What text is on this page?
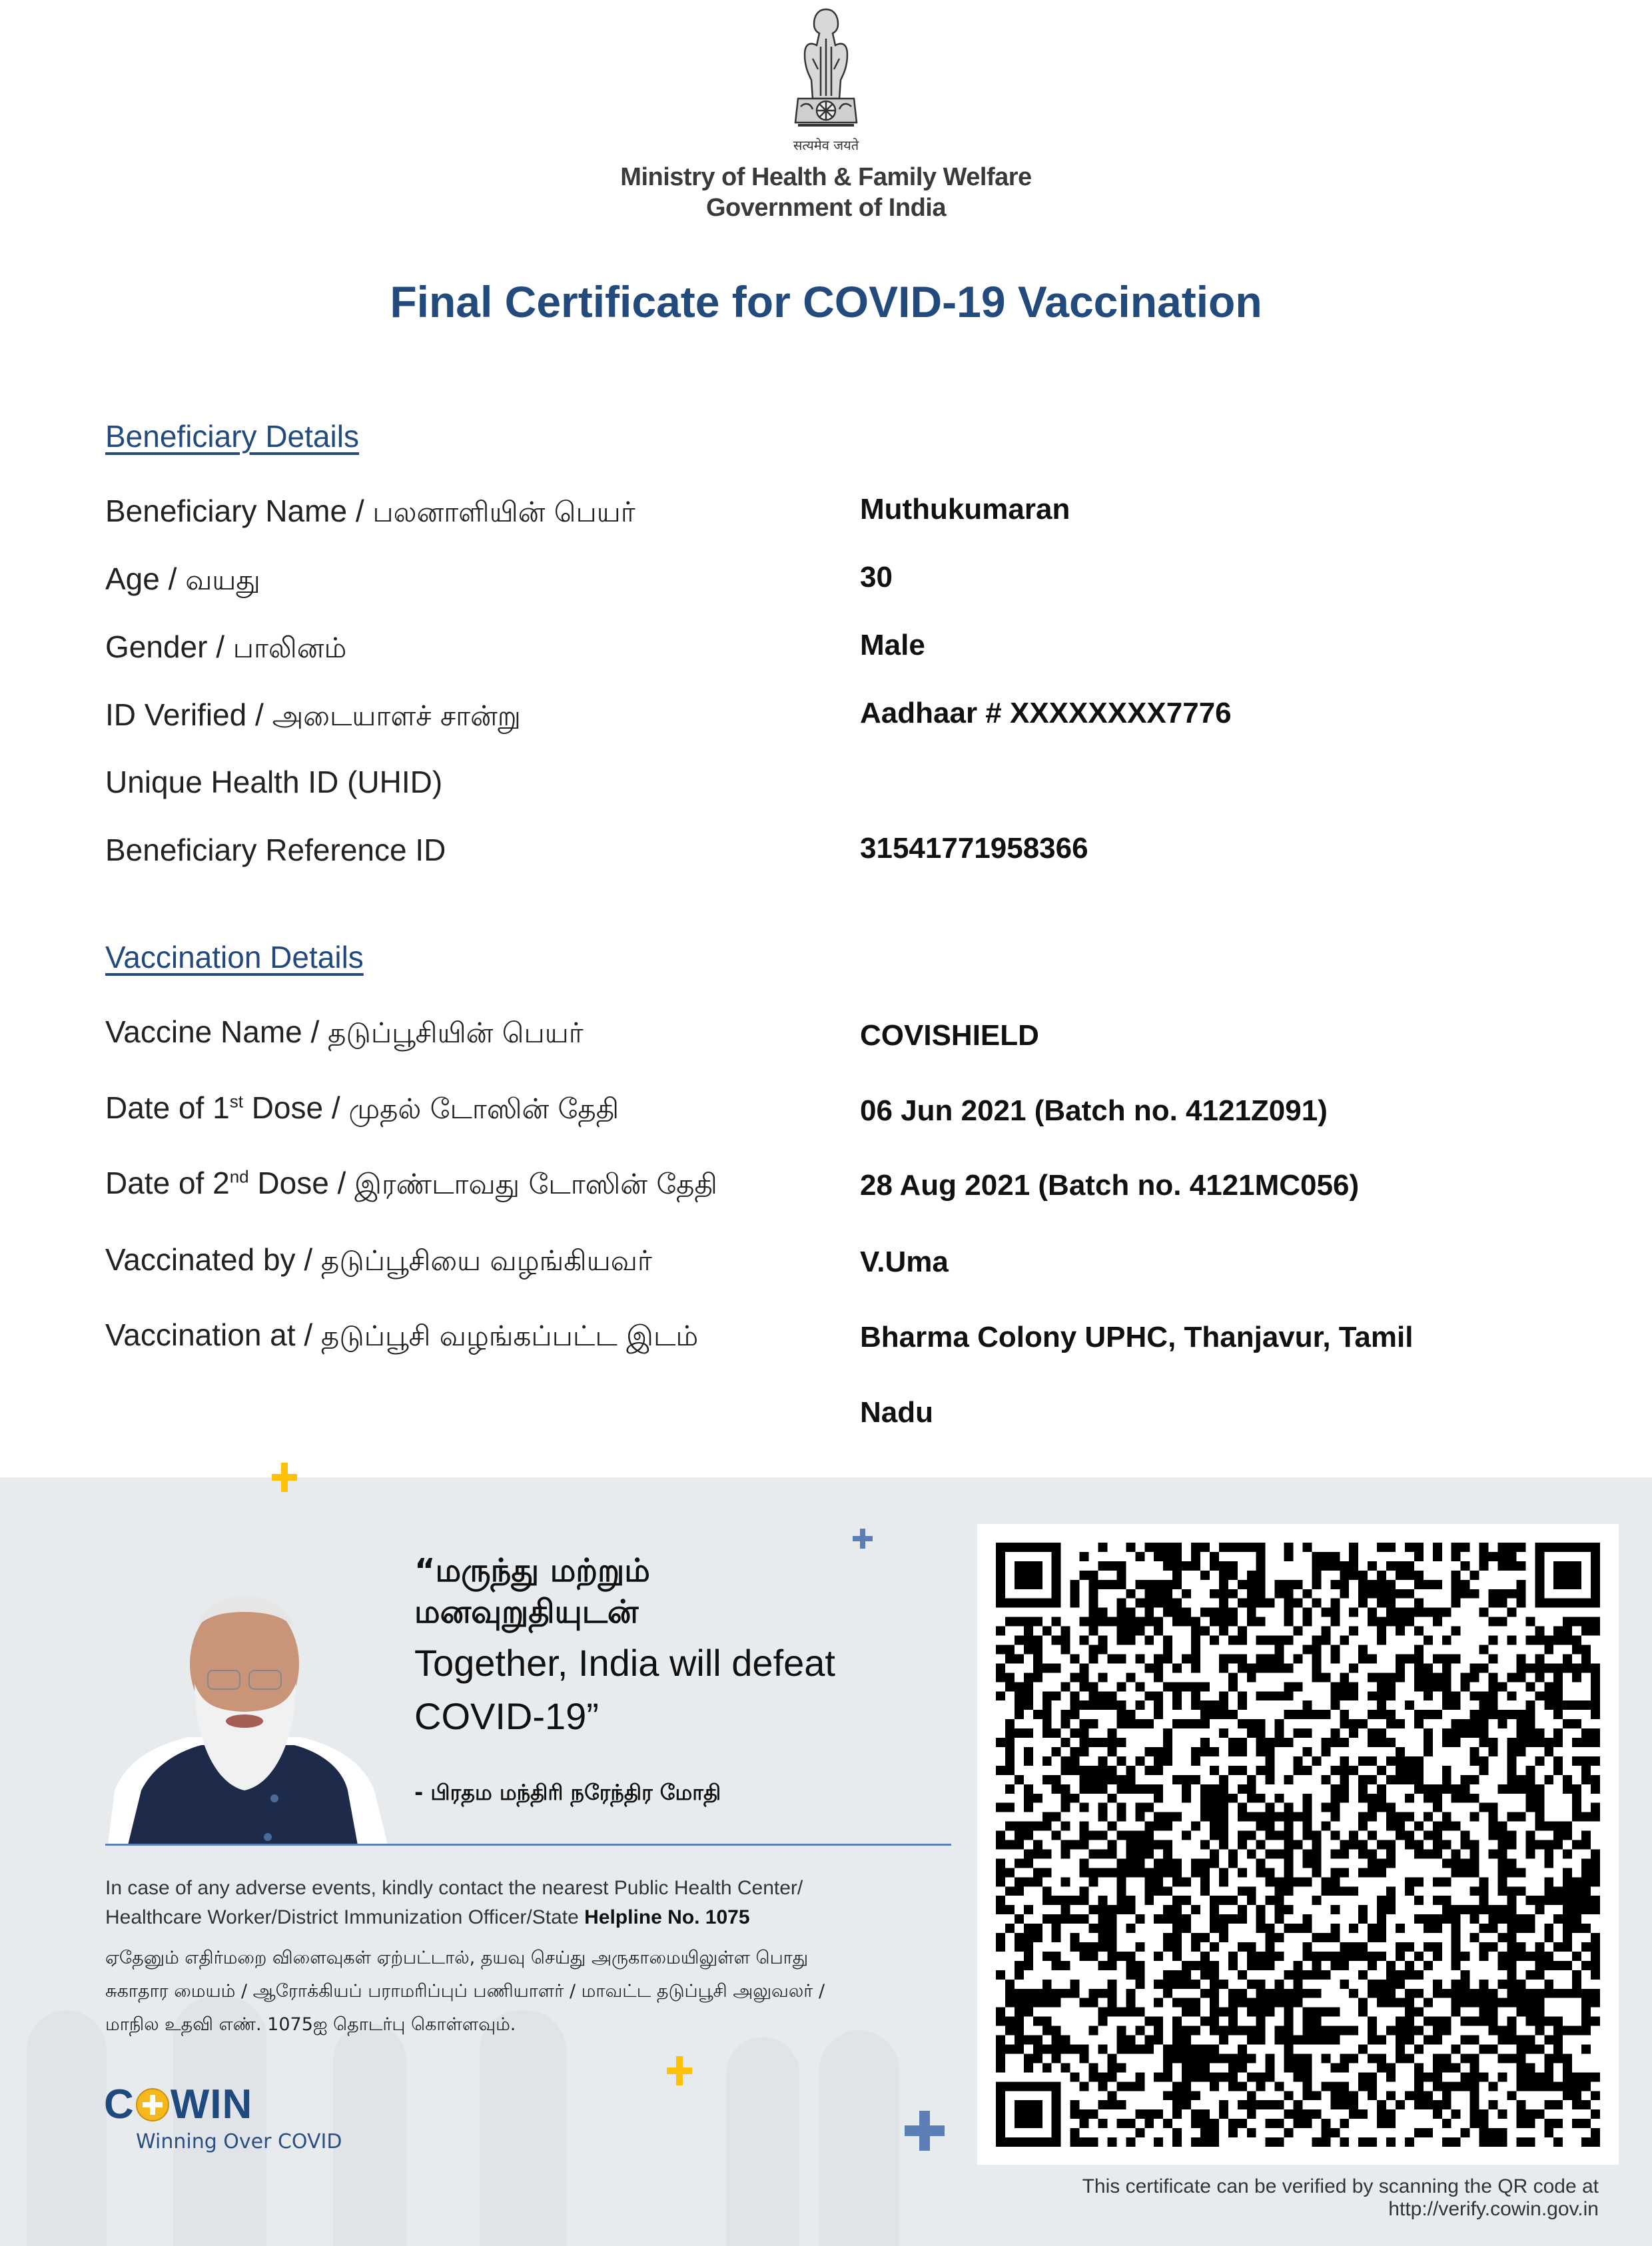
सत्यमेव जयते
Ministry of Health & Family Welfare
Government of India
Final Certificate for COVID-19 Vaccination
Beneficiary Details
Beneficiary Name / பலனாளியின் பெயர்	Muthukumaran
Age / வயது	30
Gender / பாலினம்	Male
ID Verified / அடையாளச் சான்று	Aadhaar # XXXXXXXX7776
Unique Health ID (UHID)
Beneficiary Reference ID	31541771958366
Vaccination Details
Vaccine Name / தடுப்பூசியின் பெயர்	COVISHIELD
Date of 1st Dose / முதல் டோஸின் தேதி	06 Jun 2021 (Batch no. 4121Z091)
Date of 2nd Dose / இரண்டாவது டோஸின் தேதி	28 Aug 2021 (Batch no. 4121MC056)
Vaccinated by / தடுப்பூசியை வழங்கியவர்	V.Uma
Vaccination at / தடுப்பூசி வழங்கப்பட்ட இடம்	Bharma Colony UPHC, Thanjavur, Tamil
Nadu
“மருந்து மற்றும்
மனவுறுதியுடன்
Together, India will defeat
COVID-19”
- பிரதம மந்திரி நரேந்திர மோதி
In case of any adverse events, kindly contact the nearest Public Health Center/
Healthcare Worker/District Immunization Officer/State Helpline No. 1075
ஏதேனும் எதிர்மறை விளைவுகள் ஏற்பட்டால், தயவு செய்து அருகாமையிலுள்ள பொது
சுகாதார மையம் / ஆரோக்கியப் பராமரிப்புப் பணியாளர் / மாவட்ட தடுப்பூசி அலுவலர் /
மாநில உதவி எண். 1075ஐ தொடர்பு கொள்ளவும்.
C WIN
Winning Over COVID
This certificate can be verified by scanning the QR code at
http://verify.cowin.gov.in
